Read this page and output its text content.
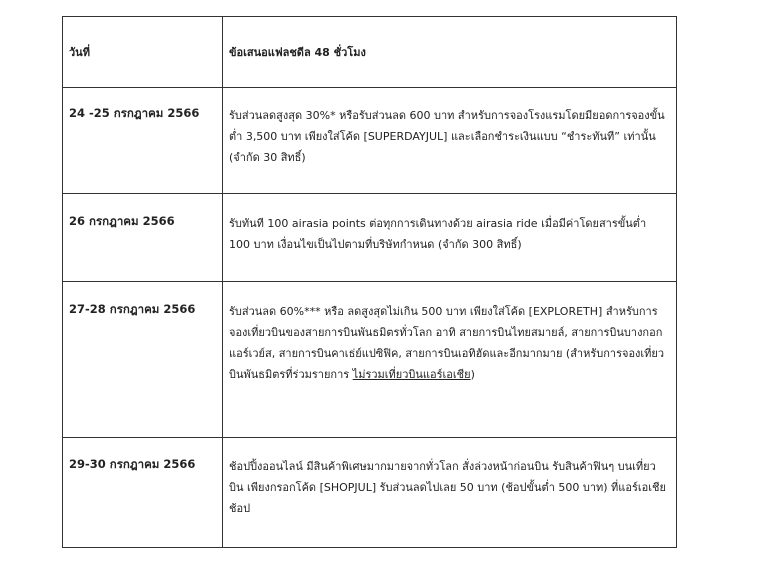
วันที่	ข้อเสนอแฟลชดีล 48 ชั่วโมง
24 -25 กรกฎาคม 2566	รับส่วนลดสูงสุด 30%* หรือรับส่วนลด 600 บาท สำหรับการจองโรงแรมโดยมียอดการจองขั้นต่ำ 3,500 บาท เพียงใส่โค้ด [SUPERDAYJUL] และเลือกชำระเงินแบบ “ชำระทันที” เท่านั้น (จำกัด 30 สิทธิ์)
26 กรกฎาคม 2566	รับทันที 100 airasia points ต่อทุกการเดินทางด้วย airasia ride เมื่อมีค่าโดยสารขั้นต่ำ 100 บาท เงื่อนไขเป็นไปตามที่บริษัทกำหนด (จำกัด 300 สิทธิ์)
27-28 กรกฎาคม 2566	รับส่วนลด 60%*** หรือ ลดสูงสุดไม่เกิน 500 บาท เพียงใส่โค้ด [EXPLORETH] สำหรับการจองเที่ยวบินของสายการบินพันธมิตรทั่วโลก อาทิ สายการบินไทยสมายล์, สายการบินบางกอกแอร์เวย์ส, สายการบินคาเธ่ย์แปซิฟิค, สายการบินเอทิฮัดและอีกมากมาย (สำหรับการจองเที่ยวบินพันธมิตรที่ร่วมรายการ ไม่รวมเที่ยวบินแอร์เอเชีย)
29-30 กรกฎาคม 2566	ช้อปปิ้งออนไลน์ มีสินค้าพิเศษมากมายจากทั่วโลก สั่งล่วงหน้าก่อนบิน รับสินค้าฟินๆ บนเที่ยวบิน เพียงกรอกโค้ด [SHOPJUL] รับส่วนลดไปเลย 50 บาท (ช้อปขั้นต่ำ 500 บาท) ที่แอร์เอเชีย ช้อป
